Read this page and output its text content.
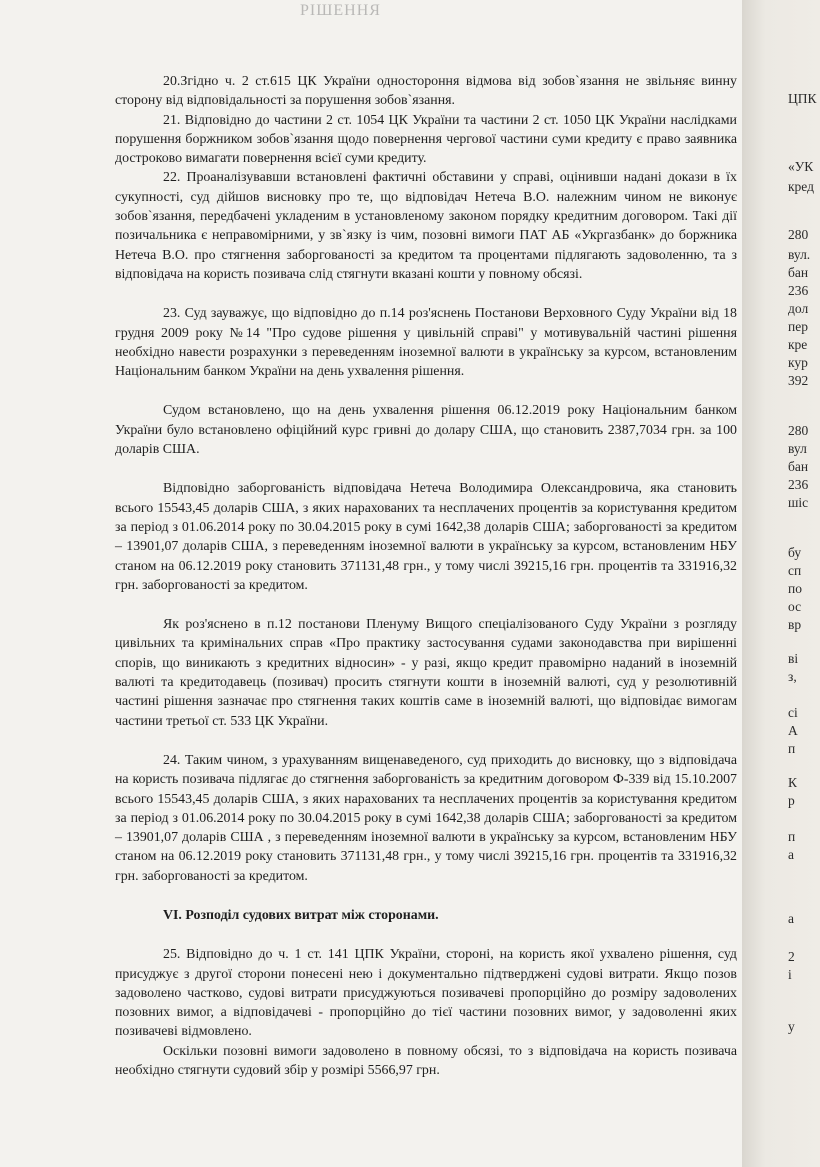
РІШЕННЯ

20.Згідно ч. 2 ст.615 ЦК України одностороння відмова від зобов`язання не звільняє винну сторону від відповідальності за порушення зобов`язання.

21. Відповідно до частини 2 ст. 1054 ЦК України та частини 2 ст. 1050 ЦК України наслідками порушення боржником зобов`язання щодо повернення чергової частини суми кредиту є право заявника достроково вимагати повернення всієї суми кредиту.

22. Проаналізувавши встановлені фактичні обставини у справі, оцінивши надані докази в їх сукупності, суд дійшов висновку про те, що відповідач Нетеча В.О. належним чином не виконує зобов`язання, передбачені укладеним в установленому законом порядку кредитним договором. Такі дії позичальника є неправомірними, у зв`язку із чим, позовні вимоги ПАТ АБ «Укргазбанк» до боржника Нетеча В.О. про стягнення заборгованості за кредитом та процентами підлягають задоволенню, та з відповідача на користь позивача слід стягнути вказані кошти у повному обсязі.

23. Суд зауважує, що відповідно до п.14 роз'яснень Постанови Верховного Суду України від 18 грудня 2009 року №14 "Про судове рішення у цивільній справі" у мотивувальній частині рішення необхідно навести розрахунки з переведенням іноземної валюти в українську за курсом, встановленим Національним банком України на день ухвалення рішення.

Судом встановлено, що на день ухвалення рішення 06.12.2019 року Національним банком України було встановлено офіційний курс гривні до долару США, що становить 2387,7034 грн. за 100 доларів США.

Відповідно заборгованість відповідача Нетеча Володимира Олександровича, яка становить всього 15543,45 доларів США, з яких нарахованих та несплачених процентів за користування кредитом за період з 01.06.2014 року по 30.04.2015 року в сумі 1642,38 доларів США; заборгованості за кредитом – 13901,07 доларів США, з переведенням іноземної валюти в українську за курсом, встановленим НБУ станом на 06.12.2019 року становить 371131,48 грн., у тому числі 39215,16 грн. процентів та 331916,32 грн. заборгованості за кредитом.

Як роз'яснено в п.12 постанови Пленуму Вищого спеціалізованого Суду України з розгляду цивільних та кримінальних справ «Про практику застосування судами законодавства при вирішенні спорів, що виникають з кредитних відносин» - у разі, якщо кредит правомірно наданий в іноземній валюті та кредитодавець (позивач) просить стягнути кошти в іноземній валюті, суд у резолютивній частині рішення зазначає про стягнення таких коштів саме в іноземній валюті, що відповідає вимогам частини третьої ст. 533 ЦК України.

24. Таким чином, з урахуванням вищенаведеного, суд приходить до висновку, що з відповідача на користь позивача підлягає до стягнення заборгованість за кредитним договором Ф-339 від 15.10.2007 всього 15543,45 доларів США, з яких нарахованих та несплачених процентів за користування кредитом за період з 01.06.2014 року по 30.04.2015 року в сумі 1642,38 доларів США; заборгованості за кредитом – 13901,07 доларів США , з переведенням іноземної валюти в українську за курсом, встановленим НБУ станом на 06.12.2019 року становить 371131,48 грн., у тому числі 39215,16 грн. процентів та 331916,32 грн. заборгованості за кредитом.

VI. Розподіл судових витрат між сторонами.

25. Відповідно до ч. 1 ст. 141 ЦПК України, стороні, на користь якої ухвалено рішення, суд присуджує з другої сторони понесені нею і документально підтверджені судові витрати. Якщо позов задоволено частково, судові витрати присуджуються позивачеві пропорційно до розміру задоволених позовних вимог, а відповідачеві - пропорційно до тієї частини позовних вимог, у задоволенні яких позивачеві відмовлено.

Оскільки позовні вимоги задоволено в повному обсязі, то з відповідача на користь позивача необхідно стягнути судовий збір у розмірі 5566,97 грн.

ЦПК
«УК
кред
280
вул.
бан
236
дол
пер
кре
кур
392
280
вул
бан
236
шіс
бу
сп
по
ос
вр
ві
з,
сі
А
п
К
р
п
а
а
2
і
у
